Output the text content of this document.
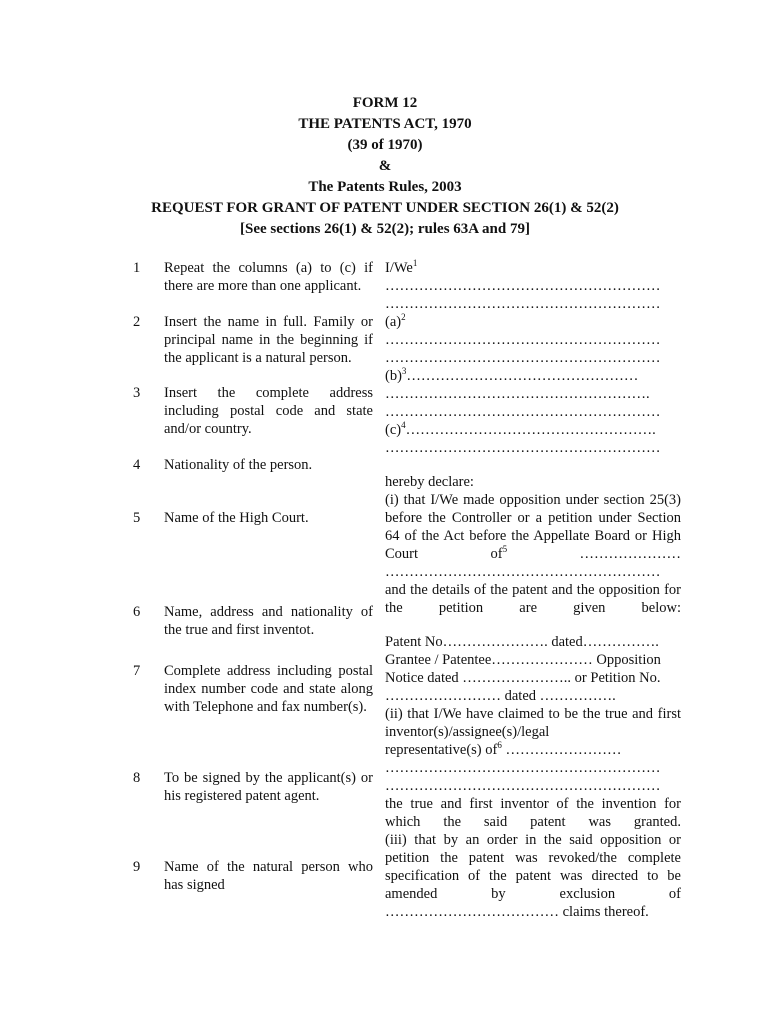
FORM 12
THE PATENTS ACT, 1970
(39 of 1970)
&
The Patents Rules, 2003
REQUEST FOR GRANT OF PATENT UNDER SECTION 26(1) & 52(2)
[See sections 26(1) & 52(2); rules 63A and 79]
1 Repeat the columns (a) to (c) if there are more than one applicant.
2 Insert the name in full. Family or principal name in the beginning if the applicant is a natural person.
3 Insert the complete address including postal code and state and/or country.
4 Nationality of the person.
5 Name of the High Court.
6 Name, address and nationality of the true and first inventot.
7 Complete address including postal index number code and state along with Telephone and fax number(s).
8 To be signed by the applicant(s) or his registered patent agent.
9 Name of the natural person who has signed
I/We$^1$
…………………………………………………
…………………………………………………
$(a)^2$
…………………………………………………
…………………………………………………
$(b)^3\dots\dots\dots\dots\dots\dots\dots\dots\dots\dots\dots\dots\dots\dots\dots\dots$
……………………………………………….
…………………………………………………
$(c)^4\dots\dots\dots\dots\dots\dots\dots\dots\dots\dots\dots\dots\dots\dots\dots\dots\dots$.
…………………………………………………
hereby declare:
(i) that I/We made opposition under section 25(3) before the Controller or a petition under Section 64 of the Act before the Appellate Board or High Court $of^5$ …………………
…………………………………………………
and the details of the patent and the opposition for the petition are given below:
Patent No…………………. dated…………….
Grantee / Patentee………………… Opposition
Notice dated ………………….. or Petition No.
…………………… dated …………….
(ii) that I/We have claimed to be the true and first inventor(s)/assignee(s)/legal
representative(s) $of^6$ ……………………
…………………………………………………
…………………………………………………
the true and first inventor of the invention for which the said patent was granted.
(iii) that by an order in the said opposition or petition the patent was revoked/the complete specification of the patent was directed to be amended by exclusion of
……………………………… claims thereof.
